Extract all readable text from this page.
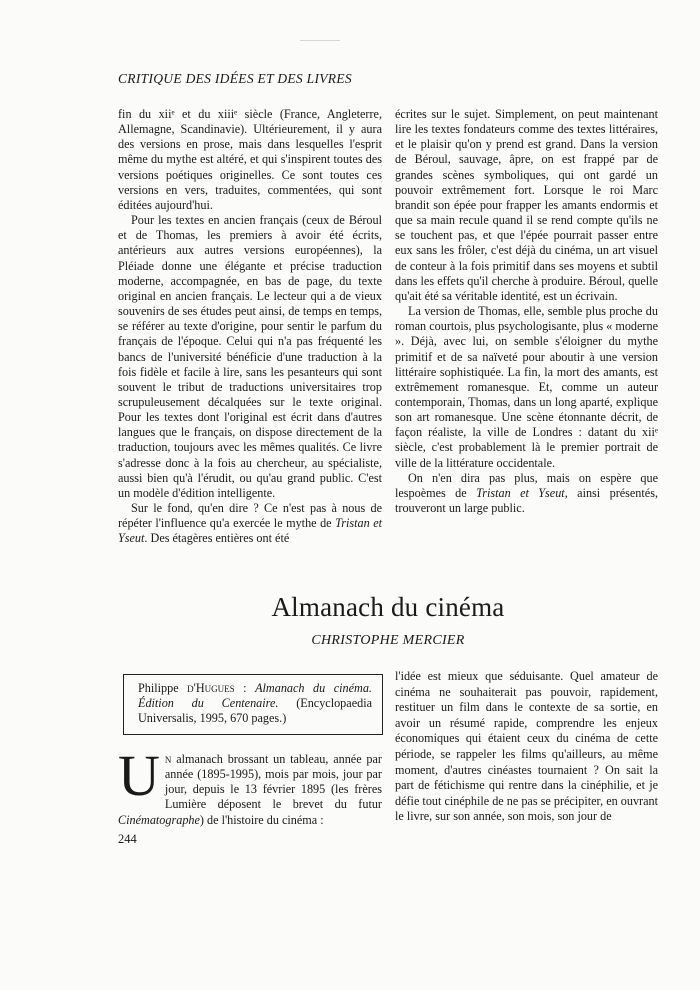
CRITIQUE DES IDÉES ET DES LIVRES

fin du xiiᵉ et du xiiiᵉ siècle (France, Angleterre, Allemagne, Scandinavie). Ultérieurement, il y aura des versions en prose, mais dans lesquelles l'esprit même du mythe est altéré, et qui s'inspirent toutes des versions poétiques originelles. Ce sont toutes ces versions en vers, traduites, commentées, qui sont éditées aujourd'hui.

Pour les textes en ancien français (ceux de Béroul et de Thomas, les premiers à avoir été écrits, antérieurs aux autres versions européennes), la Pléiade donne une élégante et précise traduction moderne, accompagnée, en bas de page, du texte original en ancien français. Le lecteur qui a de vieux souvenirs de ses études peut ainsi, de temps en temps, se référer au texte d'origine, pour sentir le parfum du français de l'époque. Celui qui n'a pas fréquenté les bancs de l'université bénéficie d'une traduction à la fois fidèle et facile à lire, sans les pesanteurs qui sont souvent le tribut de traductions universitaires trop scrupuleusement décalquées sur le texte original. Pour les textes dont l'original est écrit dans d'autres langues que le français, on dispose directement de la traduction, toujours avec les mêmes qualités. Ce livre s'adresse donc à la fois au chercheur, au spécialiste, aussi bien qu'à l'érudit, ou qu'au grand public. C'est un modèle d'édition intelligente.

Sur le fond, qu'en dire ? Ce n'est pas à nous de répéter l'influence qu'a exercée le mythe de Tristan et Yseut. Des étagères entières ont été

écrites sur le sujet. Simplement, on peut maintenant lire les textes fondateurs comme des textes littéraires, et le plaisir qu'on y prend est grand. Dans la version de Béroul, sauvage, âpre, on est frappé par de grandes scènes symboliques, qui ont gardé un pouvoir extrêmement fort. Lorsque le roi Marc brandit son épée pour frapper les amants endormis et que sa main recule quand il se rend compte qu'ils ne se touchent pas, et que l'épée pourrait passer entre eux sans les frôler, c'est déjà du cinéma, un art visuel de conteur à la fois primitif dans ses moyens et subtil dans les effets qu'il cherche à produire. Béroul, quelle qu'ait été sa véritable identité, est un écrivain.

La version de Thomas, elle, semble plus proche du roman courtois, plus psychologisante, plus « moderne ». Déjà, avec lui, on semble s'éloigner du mythe primitif et de sa naïveté pour aboutir à une version littéraire sophistiquée. La fin, la mort des amants, est extrêmement romanesque. Et, comme un auteur contemporain, Thomas, dans un long aparté, explique son art romanesque. Une scène étonnante décrit, de façon réaliste, la ville de Londres : datant du xiiᵉ siècle, c'est probablement là le premier portrait de ville de la littérature occidentale.

On n'en dira pas plus, mais on espère que lespoèmes de Tristan et Yseut, ainsi présentés, trouveront un large public.

Almanach du cinéma
CHRISTOPHE MERCIER
Philippe d'Hugues : Almanach du cinéma. Édition du Centenaire. (Encyclopaedia Universalis, 1995, 670 pages.)

Un almanach brossant un tableau, année par année (1895-1995), mois par mois, jour par jour, depuis le 13 février 1895 (les frères Lumière déposent le brevet du futur Cinématographe) de l'histoire du cinéma :

l'idée est mieux que séduisante. Quel amateur de cinéma ne souhaiterait pas pouvoir, rapidement, restituer un film dans le contexte de sa sortie, en avoir un résumé rapide, comprendre les enjeux économiques qui étaient ceux du cinéma de cette période, se rappeler les films qu'ailleurs, au même moment, d'autres cinéastes tournaient ? On sait la part de fétichisme qui rentre dans la cinéphilie, et je défie tout cinéphile de ne pas se précipiter, en ouvrant le livre, sur son année, son mois, son jour de

244
